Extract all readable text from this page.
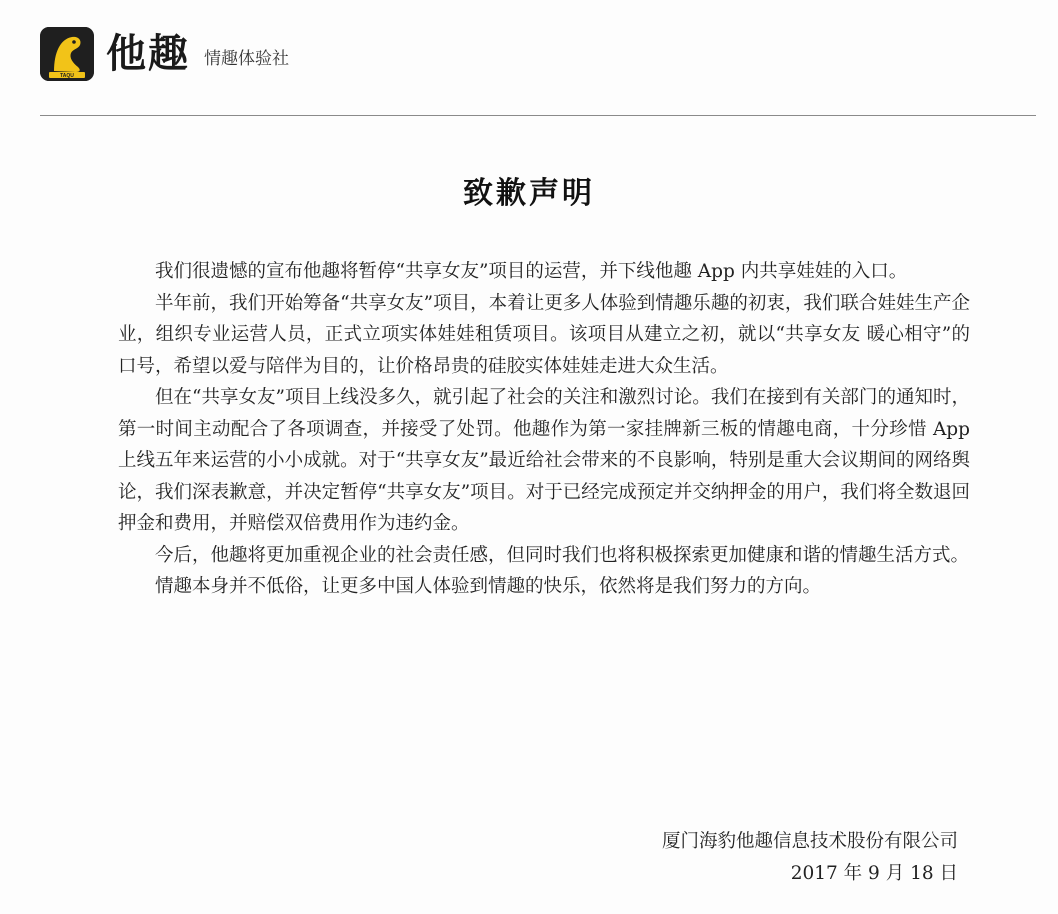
TAQU 他趣 情趣体验社
致歉声明

我们很遗憾的宣布他趣将暂停“共享女友”项目的运营，并下线他趣 App 内共享娃娃的入口。

半年前，我们开始筹备“共享女友”项目，本着让更多人体验到情趣乐趣的初衷，我们联合娃娃生产企业，组织专业运营人员，正式立项实体娃娃租赁项目。该项目从建立之初，就以“共享女友 暖心相守”的口号，希望以爱与陪伴为目的，让价格昂贵的硅胶实体娃娃走进大众生活。

但在“共享女友”项目上线没多久，就引起了社会的关注和激烈讨论。我们在接到有关部门的通知时，第一时间主动配合了各项调查，并接受了处罚。他趣作为第一家挂牌新三板的情趣电商，十分珍惜 App 上线五年来运营的小小成就。对于“共享女友”最近给社会带来的不良影响，特别是重大会议期间的网络舆论，我们深表歉意，并决定暂停“共享女友”项目。对于已经完成预定并交纳押金的用户，我们将全数退回押金和费用，并赔偿双倍费用作为违约金。

今后，他趣将更加重视企业的社会责任感，但同时我们也将积极探索更加健康和谐的情趣生活方式。

情趣本身并不低俗，让更多中国人体验到情趣的快乐，依然将是我们努力的方向。

厦门海豹他趣信息技术股份有限公司
2017 年 9 月 18 日
